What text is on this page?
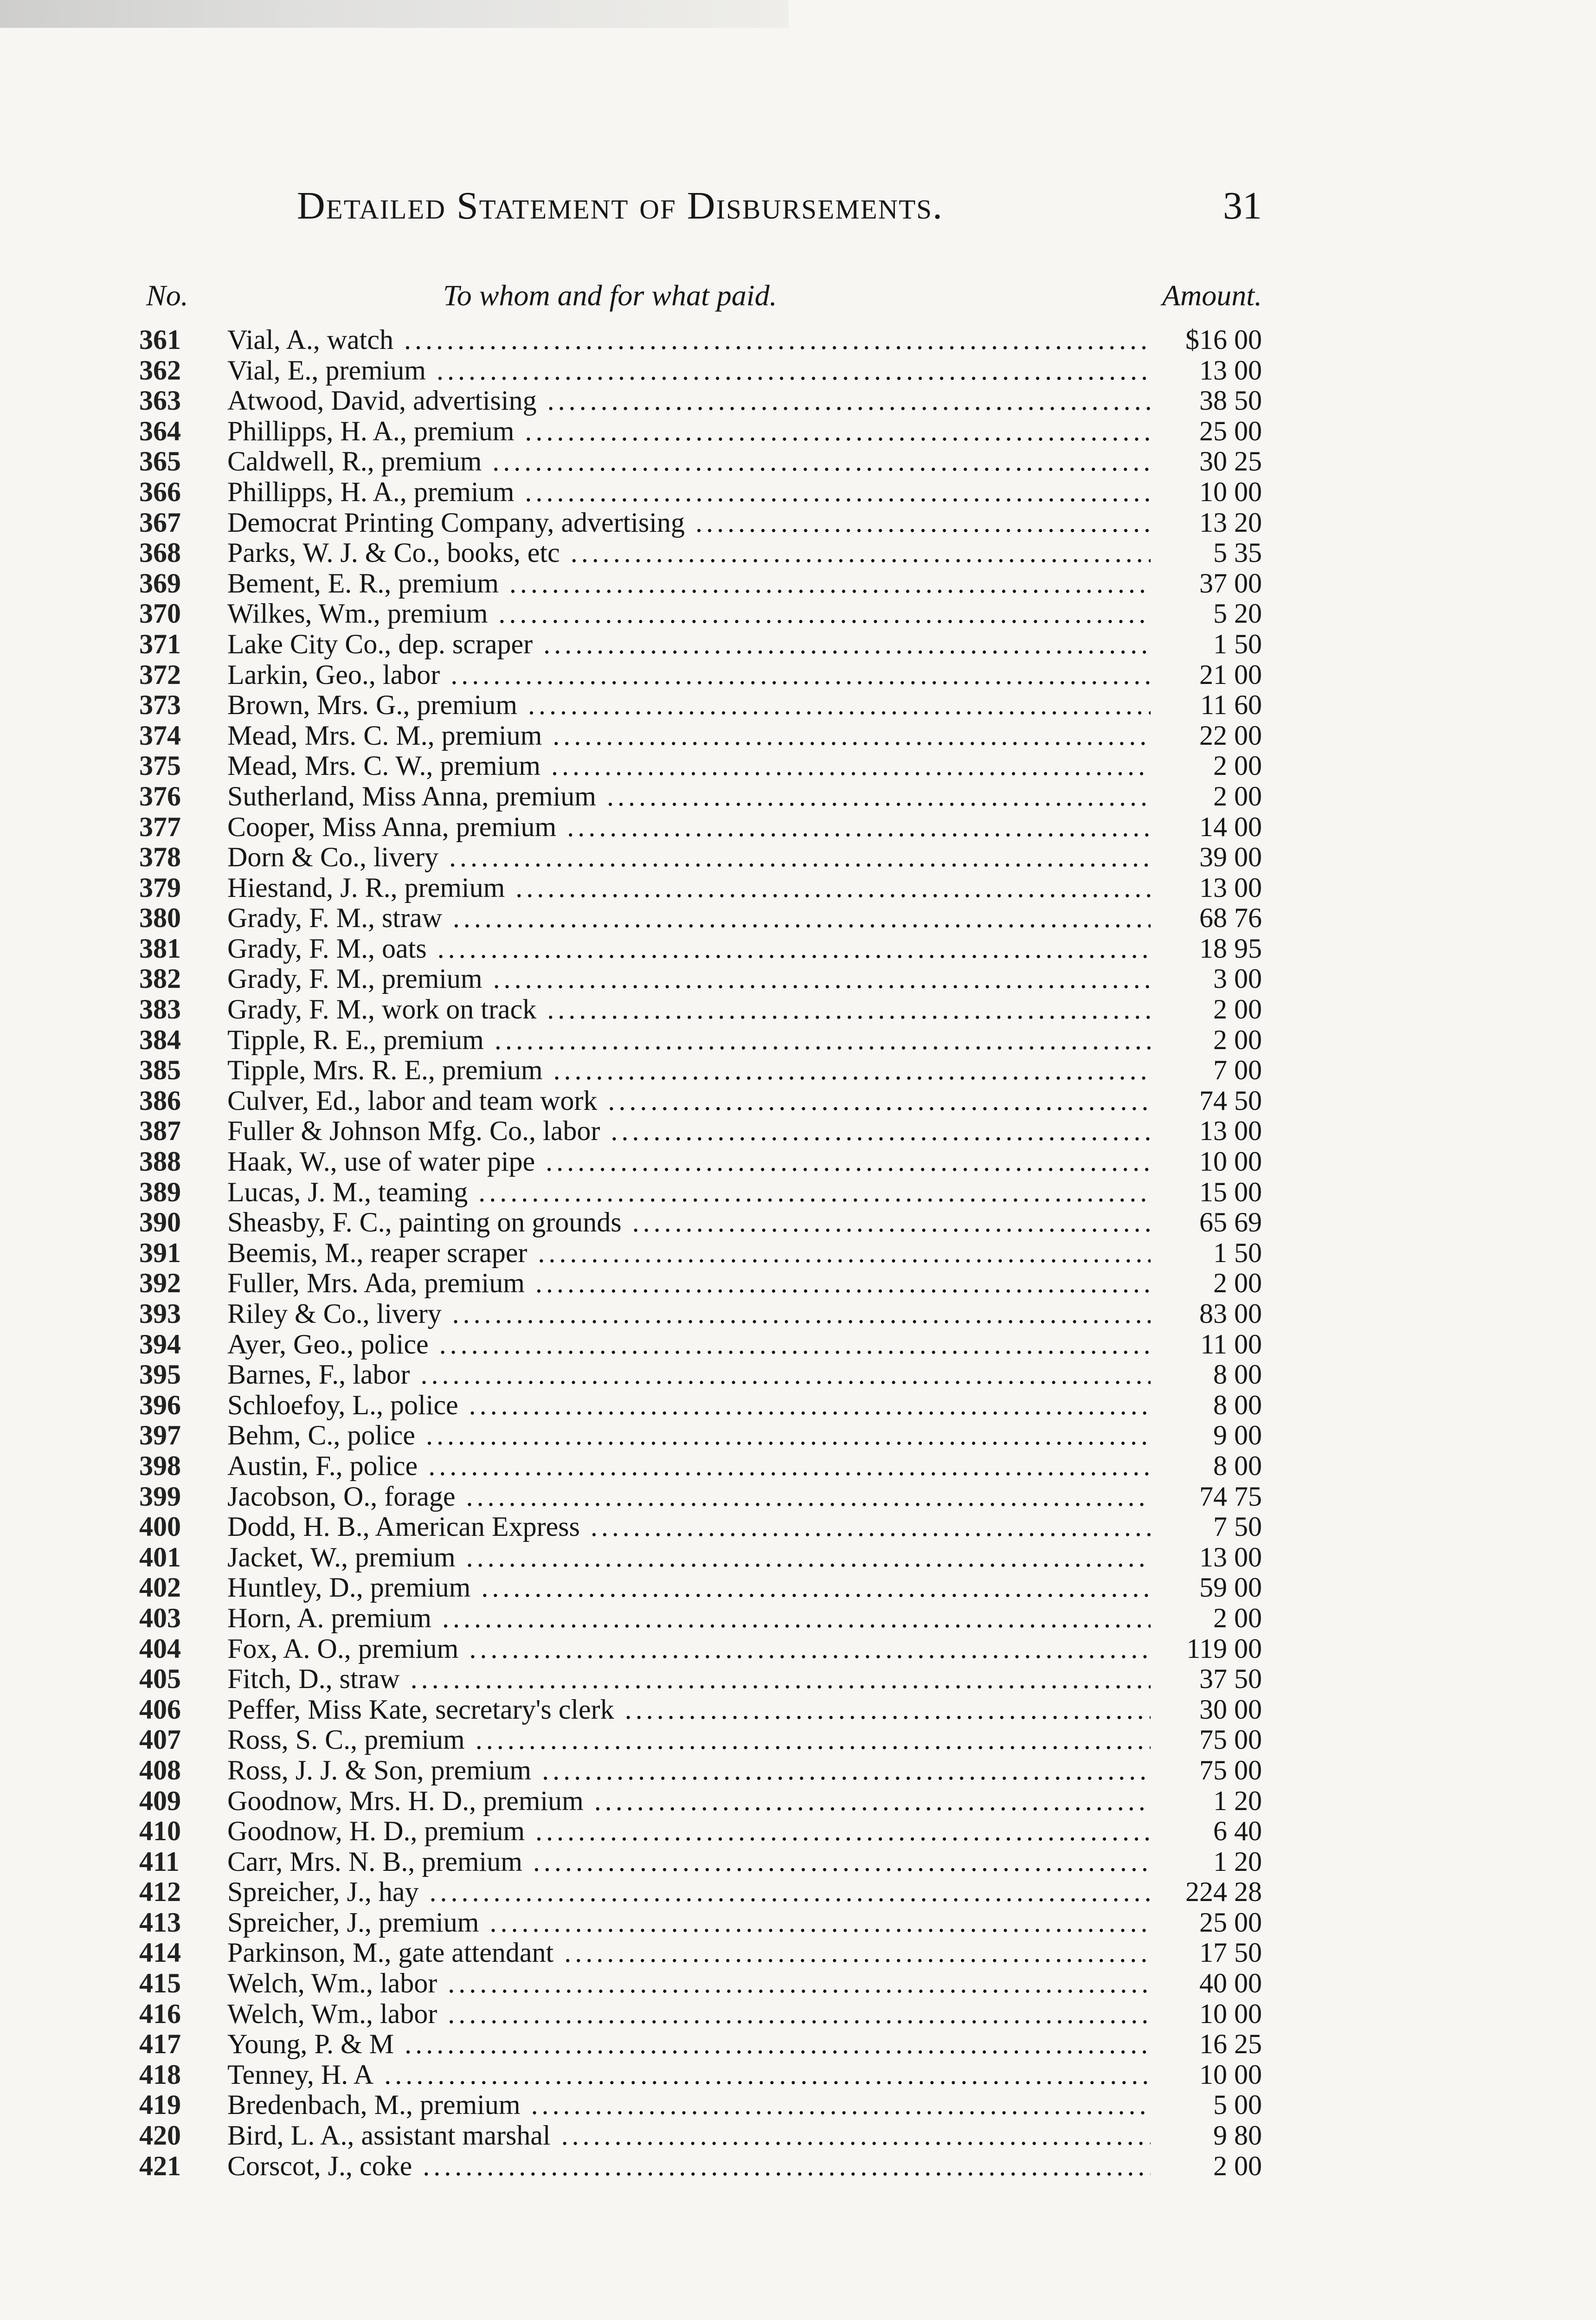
Detailed Statement of Disbursements.	31
No.	To whom and for what paid.	Amount.
361	Vial, A., watch .....	$16 00
362	Vial, E., premium .....	13 00
363	Atwood, David, advertising .....	38 50
364	Phillipps, H. A., premium .....	25 00
365	Caldwell, R., premium .....	30 25
366	Phillipps, H. A., premium .....	10 00
367	Democrat Printing Company, advertising .....	13 20
368	Parks, W. J. & Co., books, etc .....	5 35
369	Bement, E. R., premium .....	37 00
370	Wilkes, Wm., premium .....	5 20
371	Lake City Co., dep. scraper .....	1 50
372	Larkin, Geo., labor .....	21 00
373	Brown, Mrs. G., premium .....	11 60
374	Mead, Mrs. C. M., premium .....	22 00
375	Mead, Mrs. C. W., premium .....	2 00
376	Sutherland, Miss Anna, premium .....	2 00
377	Cooper, Miss Anna, premium .....	14 00
378	Dorn & Co., livery .....	39 00
379	Hiestand, J. R., premium .....	13 00
380	Grady, F. M., straw .....	68 76
381	Grady, F. M., oats .....	18 95
382	Grady, F. M., premium .....	3 00
383	Grady, F. M., work on track .....	2 00
384	Tipple, R. E., premium .....	2 00
385	Tipple, Mrs. R. E., premium .....	7 00
386	Culver, Ed., labor and team work .....	74 50
387	Fuller & Johnson Mfg. Co., labor .....	13 00
388	Haak, W., use of water pipe .....	10 00
389	Lucas, J. M., teaming .....	15 00
390	Sheasby, F. C., painting on grounds .....	65 69
391	Beemis, M., reaper scraper .....	1 50
392	Fuller, Mrs. Ada, premium .....	2 00
393	Riley & Co., livery .....	83 00
394	Ayer, Geo., police .....	11 00
395	Barnes, F., labor .....	8 00
396	Schloefoy, L., police .....	8 00
397	Behm, C., police .....	9 00
398	Austin, F., police .....	8 00
399	Jacobson, O., forage .....	74 75
400	Dodd, H. B., American Express .....	7 50
401	Jacket, W., premium .....	13 00
402	Huntley, D., premium .....	59 00
403	Horn, A. premium .....	2 00
404	Fox, A. O., premium .....	119 00
405	Fitch, D., straw .....	37 50
406	Peffer, Miss Kate, secretary's clerk .....	30 00
407	Ross, S. C., premium .....	75 00
408	Ross, J. J. & Son, premium .....	75 00
409	Goodnow, Mrs. H. D., premium .....	1 20
410	Goodnow, H. D., premium .....	6 40
411	Carr, Mrs. N. B., premium .....	1 20
412	Spreicher, J., hay .....	224 28
413	Spreicher, J., premium .....	25 00
414	Parkinson, M., gate attendant .....	17 50
415	Welch, Wm., labor .....	40 00
416	Welch, Wm., labor .....	10 00
417	Young, P. & M .....	16 25
418	Tenney, H. A .....	10 00
419	Bredenbach, M., premium .....	5 00
420	Bird, L. A., assistant marshal .....	9 80
421	Corscot, J., coke .....	2 00
